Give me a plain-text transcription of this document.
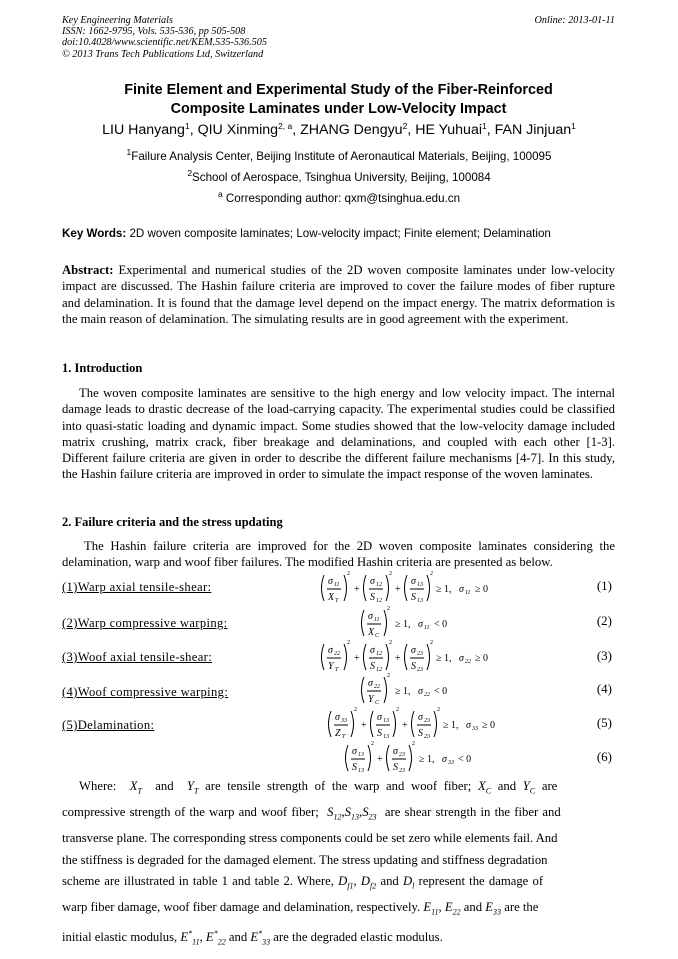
Key Engineering Materials
ISSN: 1662-9795, Vols. 535-536, pp 505-508
doi:10.4028/www.scientific.net/KEM.535-536.505
© 2013 Trans Tech Publications Ltd, Switzerland
Online: 2013-01-11
Finite Element and Experimental Study of the Fiber-Reinforced
Composite Laminates under Low-Velocity Impact
LIU Hanyang$^1$, QIU Xinming$^{2, a}$, ZHANG Dengyu$^2$, HE Yuhuai$^1$, FAN Jinjuan$^1$
$^1$Failure Analysis Center, Beijing Institute of Aeronautical Materials, Beijing, 100095
$^2$School of Aerospace, Tsinghua University, Beijing, 100084
$^a$ Corresponding author: qxm@tsinghua.edu.cn
Key Words: 2D woven composite laminates; Low-velocity impact; Finite element; Delamination
Abstract: Experimental and numerical studies of the 2D woven composite laminates under low-velocity impact are discussed. The Hashin failure criteria are improved to cover the failure modes of fiber rupture and delamination. It is found that the damage level depend on the impact energy. The matrix deformation is the main reason of delamination. The simulating results are in good agreement with the experiment.
1. Introduction
The woven composite laminates are sensitive to the high energy and low velocity impact. The internal damage leads to drastic decrease of the load-carrying capacity. The experimental studies could be classified into quasi-static loading and dynamic impact. Some studies showed that the low-velocity damage included matrix crushing, matrix crack, fiber breakage and delaminations, and coupled with each other [1-3]. Different failure criteria are given in order to describe the different failure mechanisms [4-7]. In this study, the Hashin failure criteria are improved in order to simulate the impact response of the woven laminates.
2. Failure criteria and the stress updating
The Hashin failure criteria are improved for the 2D woven composite laminates considering the delamination, warp and woof fiber failures. The modified Hashin criteria are presented as below.
(1)Warp axial tensile-shear:
(2)Warp compressive warping:
(3)Woof axial tensile-shear:
(4)Woof compressive warping:
(5)Delamination:
(1)
(2)
(3)
(4)
(5)
(6)
σ 11
X T
2
+
σ 12
S 12
2
+
σ 13
S 13
2
≥ 1, σ 11 ≥ 0
σ 11
X C
2
≥ 1, σ 11 < 0
σ 22
Y T
2
+
σ 12
S 12
2
+
σ 23
S 23
2
≥ 1, σ 22 ≥ 0
σ 22
Y C
2
≥ 1, σ 22 < 0
σ 33
Z T
2
+
σ 13
S 13
2
+
σ 23
S 23
2
≥ 1, σ 33 ≥ 0
σ 13
S 13
2
+
σ 23
S 23
2
≥ 1, σ 33 < 0
Where: $X_T$ and $Y_T$ are tensile strength of the warp and woof fiber; $X_C$ and $Y_C$ are
compressive strength of the warp and woof fiber; $S_{12},S_{13},S_{23}$ are shear strength in the fiber and
transverse plane. The corresponding stress components could be set zero while elements fail. And
the stiffness is degraded for the damaged element. The stress updating and stiffness degradation
scheme are illustrated in table 1 and table 2. Where, $D_{f1}$, $D_{f2}$ and $D_l$ represent the damage of
warp fiber damage, woof fiber damage and delamination, respectively. $E_{11}$, $E_{22}$ and $E_{33}$ are the
initial elastic modulus, $E^*_{11}$, $E^*_{22}$ and $E^*_{33}$ are the degraded elastic modulus.
